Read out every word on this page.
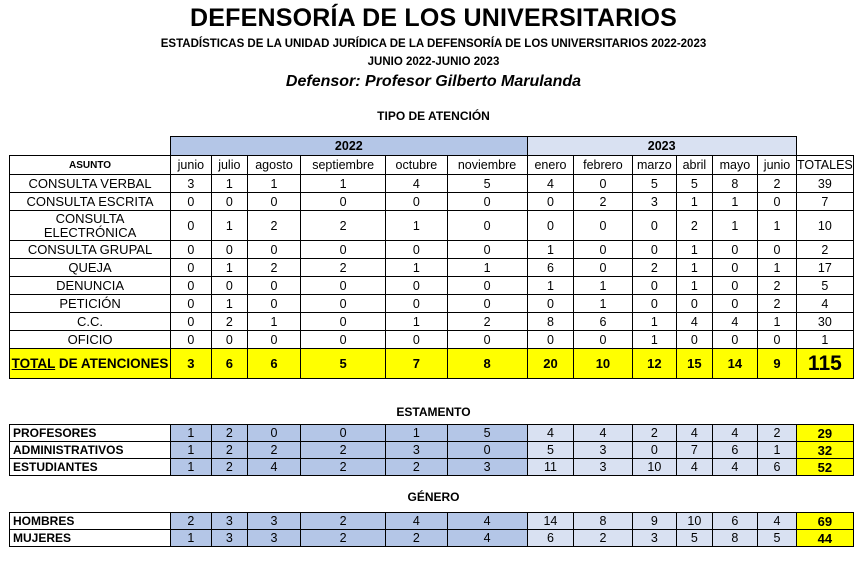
DEFENSORÍA DE LOS UNIVERSITARIOS
ESTADÍSTICAS DE LA UNIDAD JURÍDICA DE LA DEFENSORÍA DE LOS UNIVERSITARIOS 2022-2023
JUNIO 2022-JUNIO 2023
Defensor: Profesor Gilberto Marulanda
TIPO DE ATENCIÓN
	2022						2023						
ASUNTO	junio	julio	agosto	septiembre	octubre	noviembre	enero	febrero	marzo	abril	mayo	junio	TOTALES
CONSULTA VERBAL	3	1	1	1	4	5	4	0	5	5	8	2	39
CONSULTA ESCRITA	0	0	0	0	0	0	0	2	3	1	1	0	7
CONSULTA ELECTRÓNICA	0	1	2	2	1	0	0	0	0	2	1	1	10
CONSULTA GRUPAL	0	0	0	0	0	0	1	0	0	1	0	0	2
QUEJA	0	1	2	2	1	1	6	0	2	1	0	1	17
DENUNCIA	0	0	0	0	0	0	1	1	0	1	0	2	5
PETICIÓN	0	1	0	0	0	0	0	1	0	0	0	2	4
C.C.	0	2	1	0	1	2	8	6	1	4	4	1	30
OFICIO	0	0	0	0	0	0	0	0	1	0	0	0	1
TOTAL DE ATENCIONES	3	6	6	5	7	8	20	10	12	15	14	9	115
ESTAMENTO
PROFESORES	1	2	0	0	1	5	4	4	2	4	4	2	29
ADMINISTRATIVOS	1	2	2	2	3	0	5	3	0	7	6	1	32
ESTUDIANTES	1	2	4	2	2	3	11	3	10	4	4	6	52
GÉNERO
HOMBRES	2	3	3	2	4	4	14	8	9	10	6	4	69
MUJERES	1	3	3	2	2	4	6	2	3	5	8	5	44
